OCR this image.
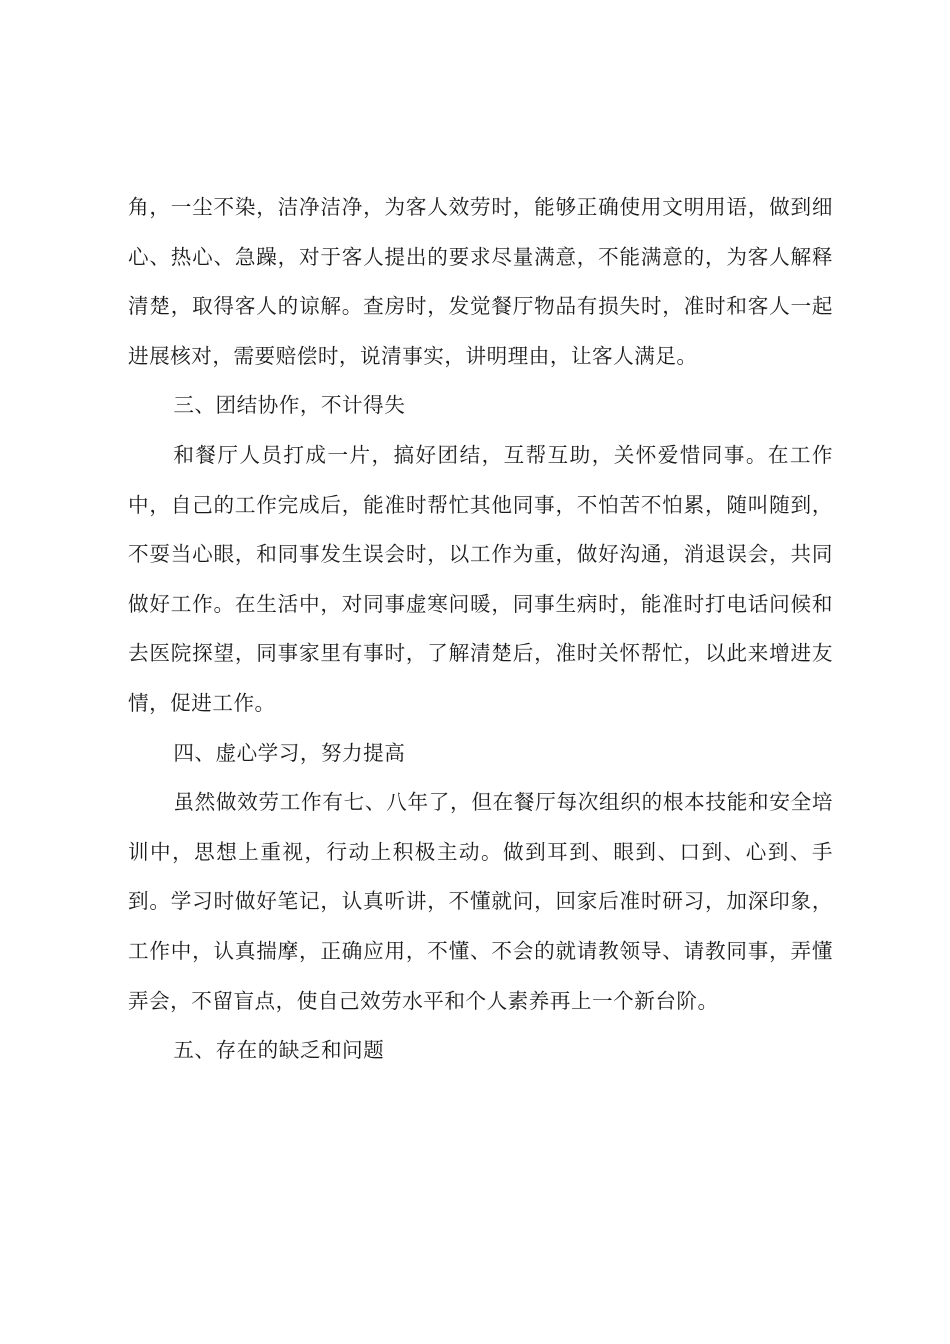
角，一尘不染，洁净洁净，为客人效劳时，能够正确使用文明用语，做到细心、热心、急躁，对于客人提出的要求尽量满意，不能满意的，为客人解释清楚，取得客人的谅解。查房时，发觉餐厅物品有损失时，准时和客人一起进展核对，需要赔偿时，说清事实，讲明理由，让客人满足。

三、团结协作，不计得失

和餐厅人员打成一片，搞好团结，互帮互助，关怀爱惜同事。在工作中，自己的工作完成后，能准时帮忙其他同事，不怕苦不怕累，随叫随到，不耍当心眼，和同事发生误会时，以工作为重，做好沟通，消退误会，共同做好工作。在生活中，对同事虚寒问暖，同事生病时，能准时打电话问候和去医院探望，同事家里有事时，了解清楚后，准时关怀帮忙，以此来增进友情，促进工作。

四、虚心学习，努力提高

虽然做效劳工作有七、八年了，但在餐厅每次组织的根本技能和安全培训中，思想上重视，行动上积极主动。做到耳到、眼到、口到、心到、手到。学习时做好笔记，认真听讲，不懂就问，回家后准时研习，加深印象，工作中，认真揣摩，正确应用，不懂、不会的就请教领导、请教同事，弄懂弄会，不留盲点，使自己效劳水平和个人素养再上一个新台阶。

五、存在的缺乏和问题
